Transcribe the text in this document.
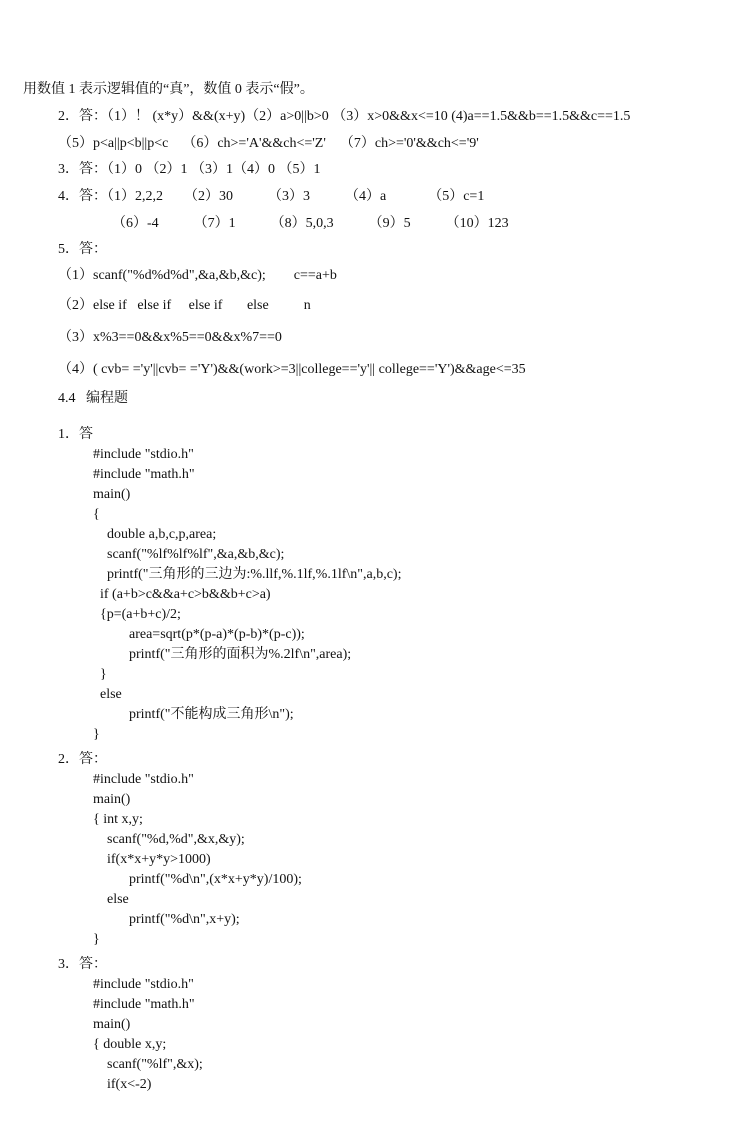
用数值 1 表示逻辑值的“真”，数值 0 表示“假”。
2．答：（1）！ (x*y）&&(x+y)（2）a>0||b>0 （3）x>0&&x<=10 (4)a==1.5&&b==1.5&&c==1.5
（5）p<a||p<b||p<c    （6）ch>='A'&&ch<='Z'    （7）ch>='0'&&ch<='9'
3．答：（1）0 （2）1 （3）1（4）0 （5）1
4．答：（1）2,2,2      （2）30          （3）3          （4）a            （5）c=1
（6）-4          （7）1          （8）5,0,3          （9）5          （10）123
5．答：
（1）scanf("%d%d%d",&a,&b,&c);        c==a+b
（2）else if   else if     else if       else          n
（3）x%3==0&&x%5==0&&x%7==0
（4）( cvb= ='y'||cvb= ='Y')&&(work>=3||college=='y'|| college=='Y')&&age<=35
4.4   编程题
1．答
#include "stdio.h"
#include "math.h"
main()
{
double a,b,c,p,area;
scanf("%lf%lf%lf",&a,&b,&c);
printf("三角形的三边为:%.llf,%.1lf,%.1lf\n",a,b,c);
if (a+b>c&&a+c>b&&b+c>a)
{p=(a+b+c)/2;
area=sqrt(p*(p-a)*(p-b)*(p-c));
printf("三角形的面积为%.2lf\n",area);
}
else
printf("不能构成三角形\n");
}
2．答：
#include "stdio.h"
main()
{ int x,y;
scanf("%d,%d",&x,&y);
if(x*x+y*y>1000)
printf("%d\n",(x*x+y*y)/100);
else
printf("%d\n",x+y);
}
3．答：
#include "stdio.h"
#include "math.h"
main()
{ double x,y;
scanf("%lf",&x);
if(x<-2)
